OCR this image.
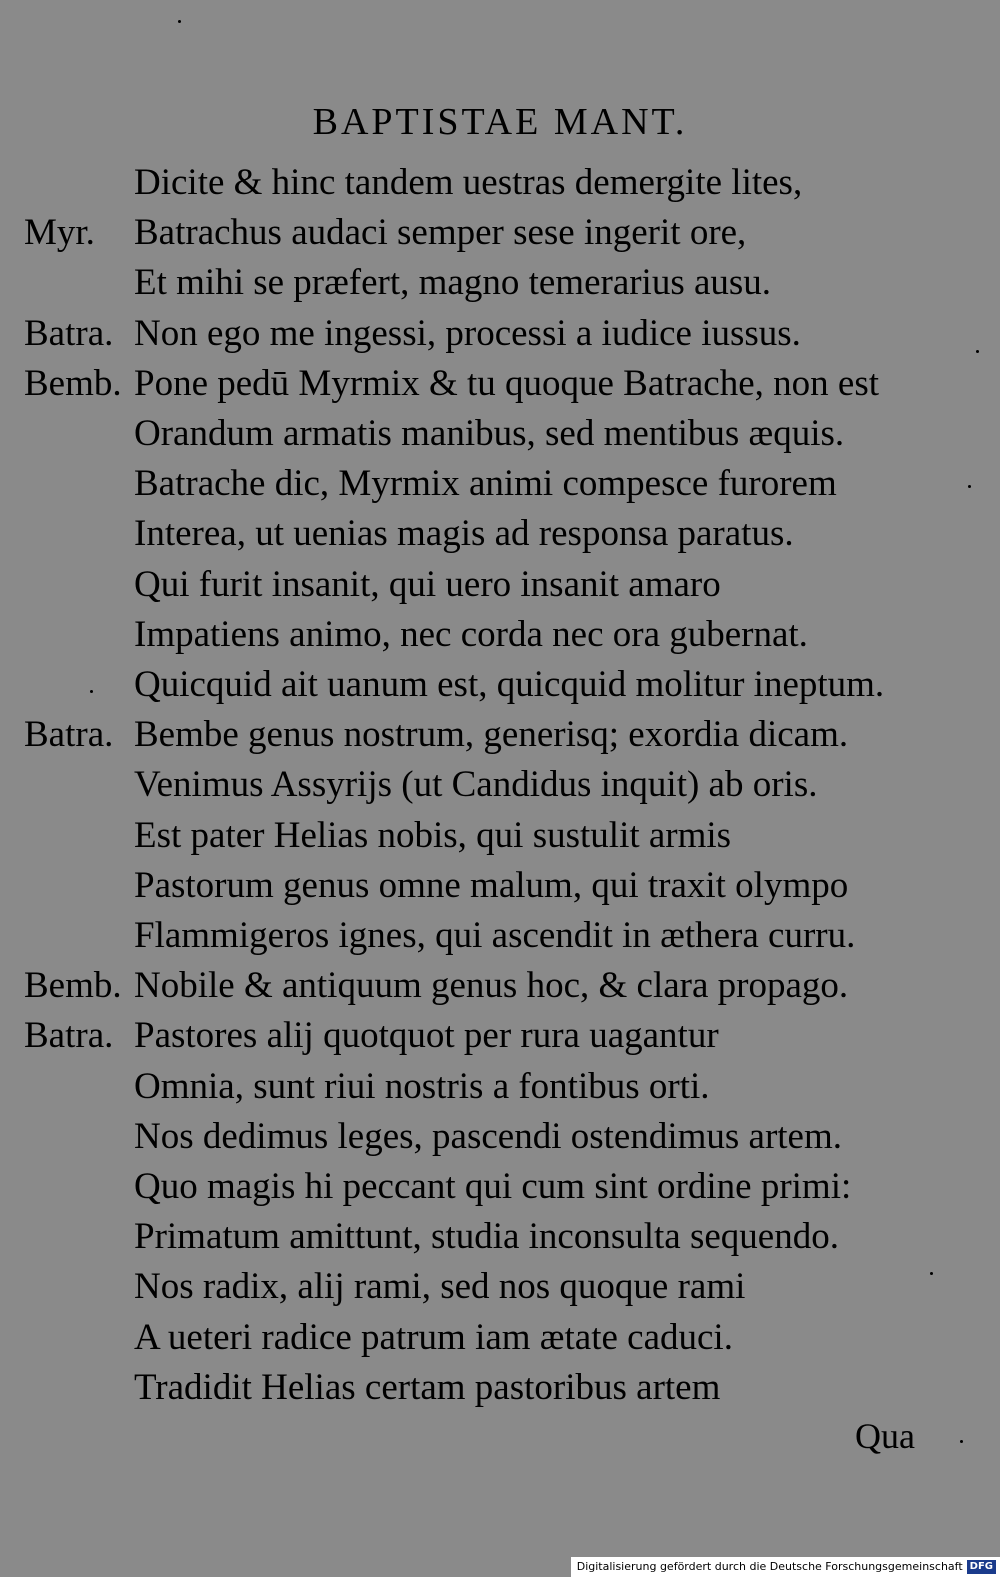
BAPTISTAE MANT.
Dicite & hinc tandem uestras demergite lites,
Myr. Batrachus audaci semper sese ingerit ore,
Et mihi se præfert, magno temerarius ausu.
Batra. Non ego me ingessi, processi a iudice iussus.
Bemb. Pone pedū Myrmix & tu quoque Batrache, non est
Orandum armatis manibus, sed mentibus æquis.
Batrache dic, Myrmix animi compesce furorem
Interea, ut uenias magis ad responsa paratus.
Qui furit insanit, qui uero insanit amaro
Impatiens animo, nec corda nec ora gubernat.
Quicquid ait uanum est, quicquid molitur ineptum.
Batra. Bembe genus nostrum, generisq; exordia dicam.
Venimus Assyrijs (ut Candidus inquit) ab oris.
Est pater Helias nobis, qui sustulit armis
Pastorum genus omne malum, qui traxit olympo
Flammigeros ignes, qui ascendit in æthera curru.
Bemb. Nobile & antiquum genus hoc, & clara propago.
Batra. Pastores alij quotquot per rura uagantur
Omnia, sunt riui nostris a fontibus orti.
Nos dedimus leges, pascendi ostendimus artem.
Quo magis hi peccant qui cum sint ordine primi:
Primatum amittunt, studia inconsulta sequendo.
Nos radix, alij rami, sed nos quoque rami
A ueteri radice patrum iam ætate caduci.
Tradidit Helias certam pastoribus artem
Qua
Digitalisierung gefördert durch die Deutsche Forschungsgemeinschaft DFG
